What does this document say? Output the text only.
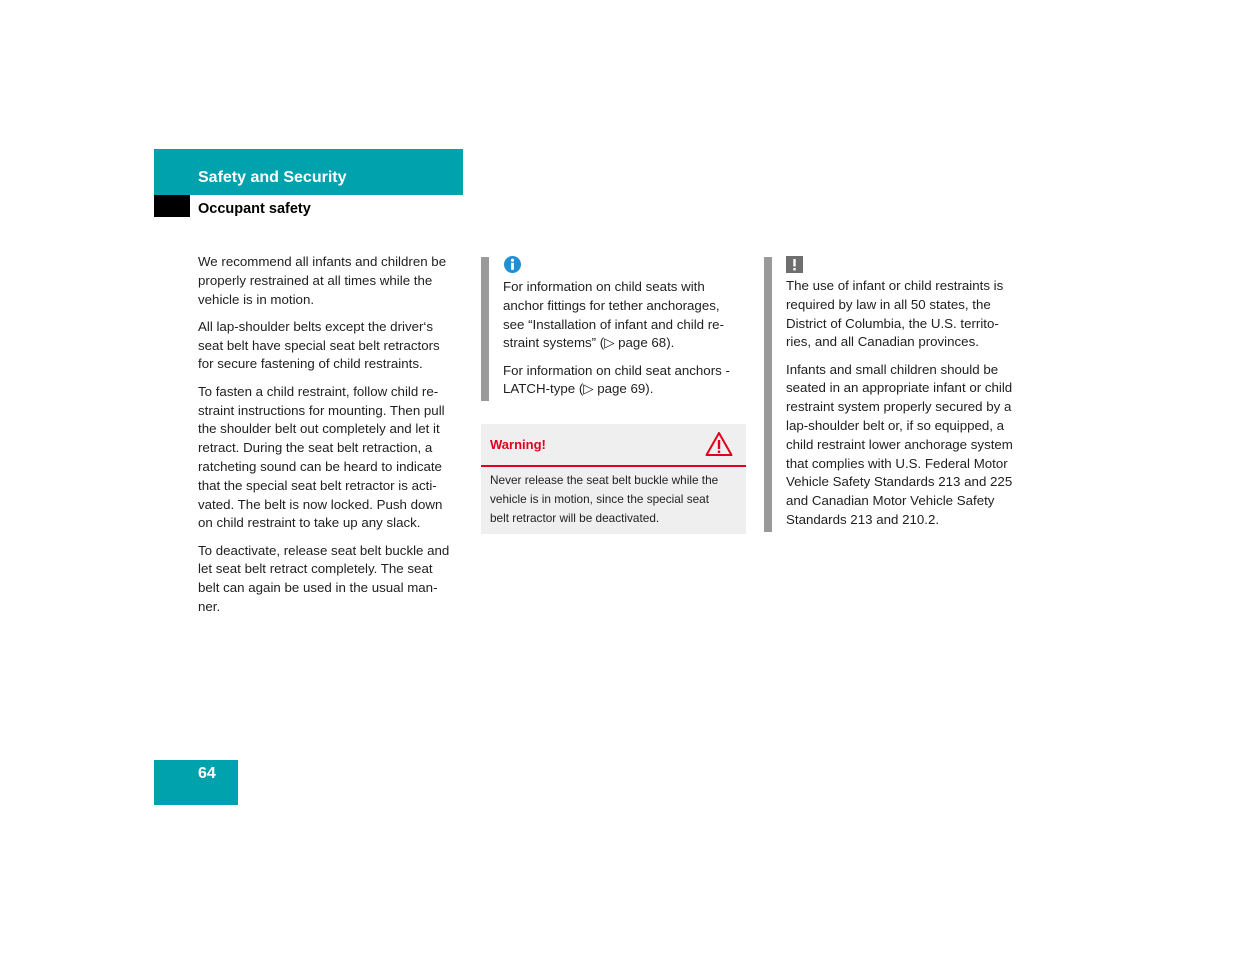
Safety and Security
Occupant safety

We recommend all infants and children be
properly restrained at all times while the
vehicle is in motion.

All lap-shoulder belts except the driver‘s
seat belt have special seat belt retractors
for secure fastening of child restraints.

To fasten a child restraint, follow child re-
straint instructions for mounting. Then pull
the shoulder belt out completely and let it
retract. During the seat belt retraction, a
ratcheting sound can be heard to indicate
that the special seat belt retractor is acti-
vated. The belt is now locked. Push down
on child restraint to take up any slack.

To deactivate, release seat belt buckle and
let seat belt retract completely. The seat
belt can again be used in the usual man-
ner.

For information on child seats with
anchor fittings for tether anchorages,
see “Installation of infant and child re-
straint systems” (▷ page 68).

For information on child seat anchors -
LATCH-type (▷ page 69).

Warning!
Never release the seat belt buckle while the
vehicle is in motion, since the special seat
belt retractor will be deactivated.

The use of infant or child restraints is
required by law in all 50 states, the
District of Columbia, the U.S. territo-
ries, and all Canadian provinces.

Infants and small children should be
seated in an appropriate infant or child
restraint system properly secured by a
lap-shoulder belt or, if so equipped, a
child restraint lower anchorage system
that complies with U.S. Federal Motor
Vehicle Safety Standards 213 and 225
and Canadian Motor Vehicle Safety
Standards 213 and 210.2.

64
